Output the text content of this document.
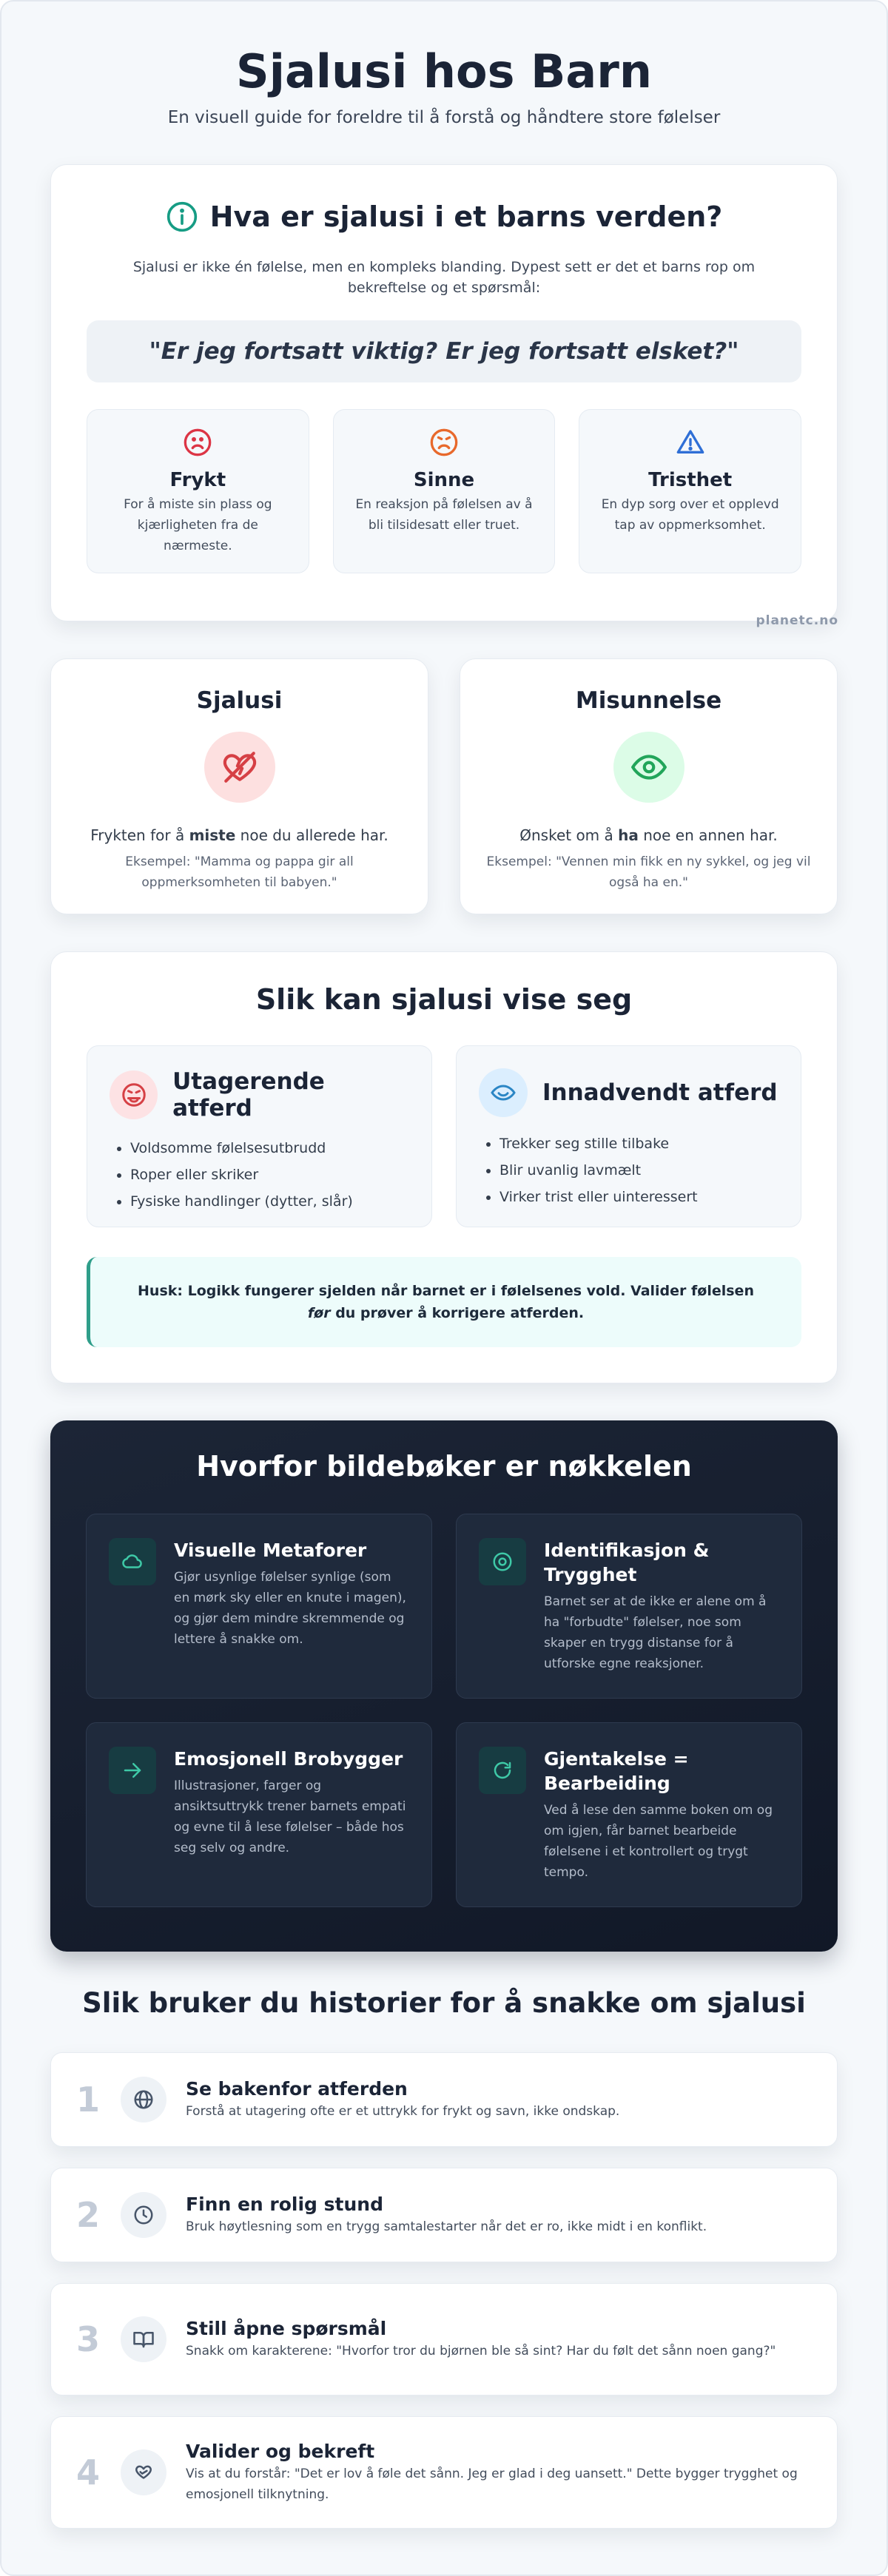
Sjalusi hos Barn

En visuell guide for foreldre til å forstå og håndtere store følelser

Hva er sjalusi i et barns verden?

Sjalusi er ikke én følelse, men en kompleks blanding. Dypest sett er det et barns rop om bekreftelse og et spørsmål:

"Er jeg fortsatt viktig? Er jeg fortsatt elsket?"
Frykt

For å miste sin plass og kjærligheten fra de nærmeste.

Sinne

En reaksjon på følelsen av å bli tilsidesatt eller truet.

Tristhet

En dyp sorg over et opplevd tap av oppmerksomhet.

planetc.no
Sjalusi

Frykten for å miste noe du allerede har.

Eksempel: "Mamma og pappa gir all oppmerksomheten til babyen."

Misunnelse

Ønsket om å ha noe en annen har.

Eksempel: "Vennen min fikk en ny sykkel, og jeg vil også ha en."

Slik kan sjalusi vise seg
Utagerende atferd
• Voldsomme følelsesutbrudd
• Roper eller skriker
• Fysiske handlinger (dytter, slår)
Innadvendt atferd
• Trekker seg stille tilbake
• Blir uvanlig lavmælt
• Virker trist eller uinteressert
Husk: Logikk fungerer sjelden når barnet er i følelsenes vold. Valider følelsen før du prøver å korrigere atferden.
Hvorfor bildebøker er nøkkelen
Visuelle Metaforer

Gjør usynlige følelser synlige (som en mørk sky eller en knute i magen), og gjør dem mindre skremmende og lettere å snakke om.

Identifikasjon & Trygghet

Barnet ser at de ikke er alene om å ha "forbudte" følelser, noe som skaper en trygg distanse for å utforske egne reaksjoner.

Emosjonell Brobygger

Illustrasjoner, farger og ansiktsuttrykk trener barnets empati og evne til å lese følelser – både hos seg selv og andre.

Gjentakelse = Bearbeiding

Ved å lese den samme boken om og om igjen, får barnet bearbeide følelsene i et kontrollert og trygt tempo.

Slik bruker du historier for å snakke om sjalusi
1	Se bakenfor atferden

Forstå at utagering ofte er et uttrykk for frykt og savn, ikke ondskap.

2	Finn en rolig stund

Bruk høytlesning som en trygg samtalestarter når det er ro, ikke midt i en konflikt.

3	Still åpne spørsmål

Snakk om karakterene: "Hvorfor tror du bjørnen ble så sint? Har du følt det sånn noen gang?"

4
Valider og bekreft

Vis at du forstår: "Det er lov å føle det sånn. Jeg er glad i deg uansett." Dette bygger trygghet og emosjonell tilknytning.
